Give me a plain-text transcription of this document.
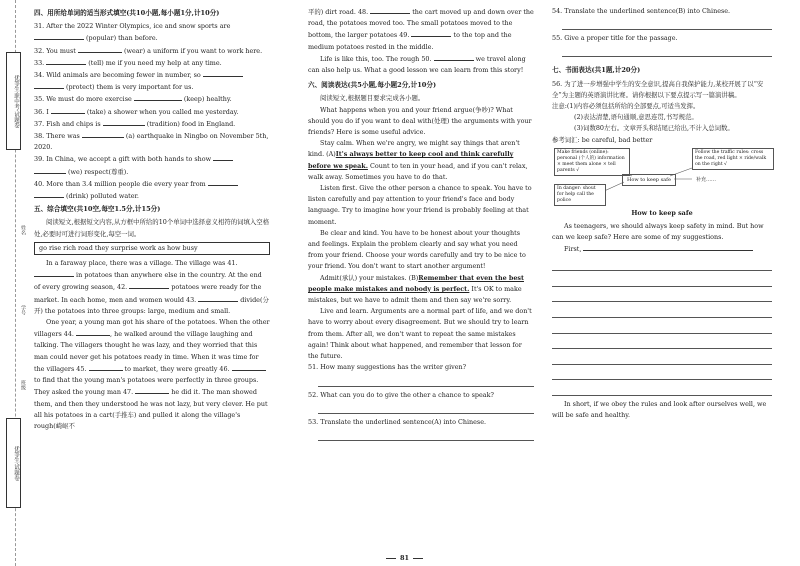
优等生·职中考·试题卷
姓名
学号
班级
优等生·试题卷
四、用所给单词的适当形式填空(共10小题,每小题1分,计10分)

31. After the 2022 Winter Olympics, ice and snow sports are  (popular) than before.

32. You must	(wear) a uniform if you want to work here.

33.	(tell) me if you need my help at any time.

34. Wild animals are becoming fewer in number, so
(protect) them is very important for us.

35. We must do more exercise	(keep) healthy.

36. I	(take) a shower when you called me yesterday.

37. Fish and chips is	(tradition) food in England.

38. There was	(a) earthquake in Ningbo on November 5th, 2020.

39. In China, we accept a gift with both hands to show
(we) respect(尊重).

40. More than 3.4 million people die every year from
(drink) polluted water.

五、综合填空(共10空,每空1.5分,计15分)

阅读短文,根据短文内容,从方框中所给的10个单词中选择意义相符的词填入空格处,必要时可进行词形变化,每空一词。

go rise rich road they surprise work as how busy

In a faraway place, there was a village. The village was 41.  in potatoes than anywhere else in the country. At the end of every growing season, 42.	potatoes were ready for the market. In each home, men and women would 43.	divide(分开) the potatoes into three groups: large, medium and small.

One year, a young man got his share of the potatoes. When the other villagers 44.	, he walked around the village laughing and talking. The villagers thought he was lazy, and they worried that this man could never get his potatoes ready in time. When it was time for the villagers 45.	to market, they were greatly 46.  to find that the young man's potatoes were perfectly in three groups. They asked the young man 47.	he did it. The man showed them, and then they understood he was not lazy, but very clever. He put all his potatoes in a cart(手推车) and pulled it along the village's rough(崎岖不

平的) dirt road. 48.	the cart moved up and down over the road, the potatoes moved too. The small potatoes moved to the bottom, the larger potatoes 49.	to the top and the medium potatoes rested in the middle.

Life is like this, too. The rough 50.	we travel along can also help us. What a good lesson we can learn from this story!

六、阅读表达(共5小题,每小题2分,计10分)

阅读短文,根据题目要求完成各小题。

What happens when you and your friend argue(争吵)? What should you do if you want to deal with(处理) the arguments with your friends? Here is some useful advice.

Stay calm. When we're angry, we might say things that aren't kind. (A)It's always better to keep cool and think carefully before we speak. Count to ten in your head, and if you can't relax, walk away. Sometimes you have to do that.

Listen first. Give the other person a chance to speak. You have to listen carefully and pay attention to your friend's face and body language. Try to imagine how your friend is probably feeling at that moment.

Be clear and kind. You have to be honest about your thoughts and feelings. Explain the problem clearly and say what you need from your friend. Choose your words carefully and try to be nice to your friend. You don't want to start another argument!

Admit(承认) your mistakes. (B)Remember that even the best people make mistakes and nobody is perfect. It's OK to make mistakes, but we have to admit them and then say we're sorry.

Live and learn. Arguments are a normal part of life, and we don't have to worry about every disagreement. But we should try to learn from them. After all, we don't want to repeat the same mistakes again! Think about what happened, and remember that lesson for the future.

51. How many suggestions has the writer given?

52. What can you do to give the other a chance to speak?

53. Translate the underlined sentence(A) into Chinese.

54. Translate the underlined sentence(B) into Chinese.

55. Give a proper title for the passage.

七、书面表达(共1题,计20分)

56. 为了进一步增强中学生的安全意识,提高自我保护能力,某校开展了以“安全”为主题的英语演讲比赛。请你根据以下要点提示写一篇演讲稿。

注意:(1)内容必须包括所给的全部要点,可适当发挥。

(2)表达清楚,语句通顺,意思连贯,书写规范。

(3)词数80左右。文章开头和结尾已给出,不计入总词数。

参考词汇: be careful, bad better

Make friends (online): personal (个人的) information × meet them alone × tell parents √
Follow the traffic rules: cross the road, red light × ride/walk on the right √
How to keep safe
In danger: shout for help call the police
补充……

How to keep safe

As teenagers, we should always keep safety in mind. But how can we keep safe? Here are some of my suggestions.

First,

In short, if we obey the rules and look after ourselves well, we will be safe and healthy.

81
